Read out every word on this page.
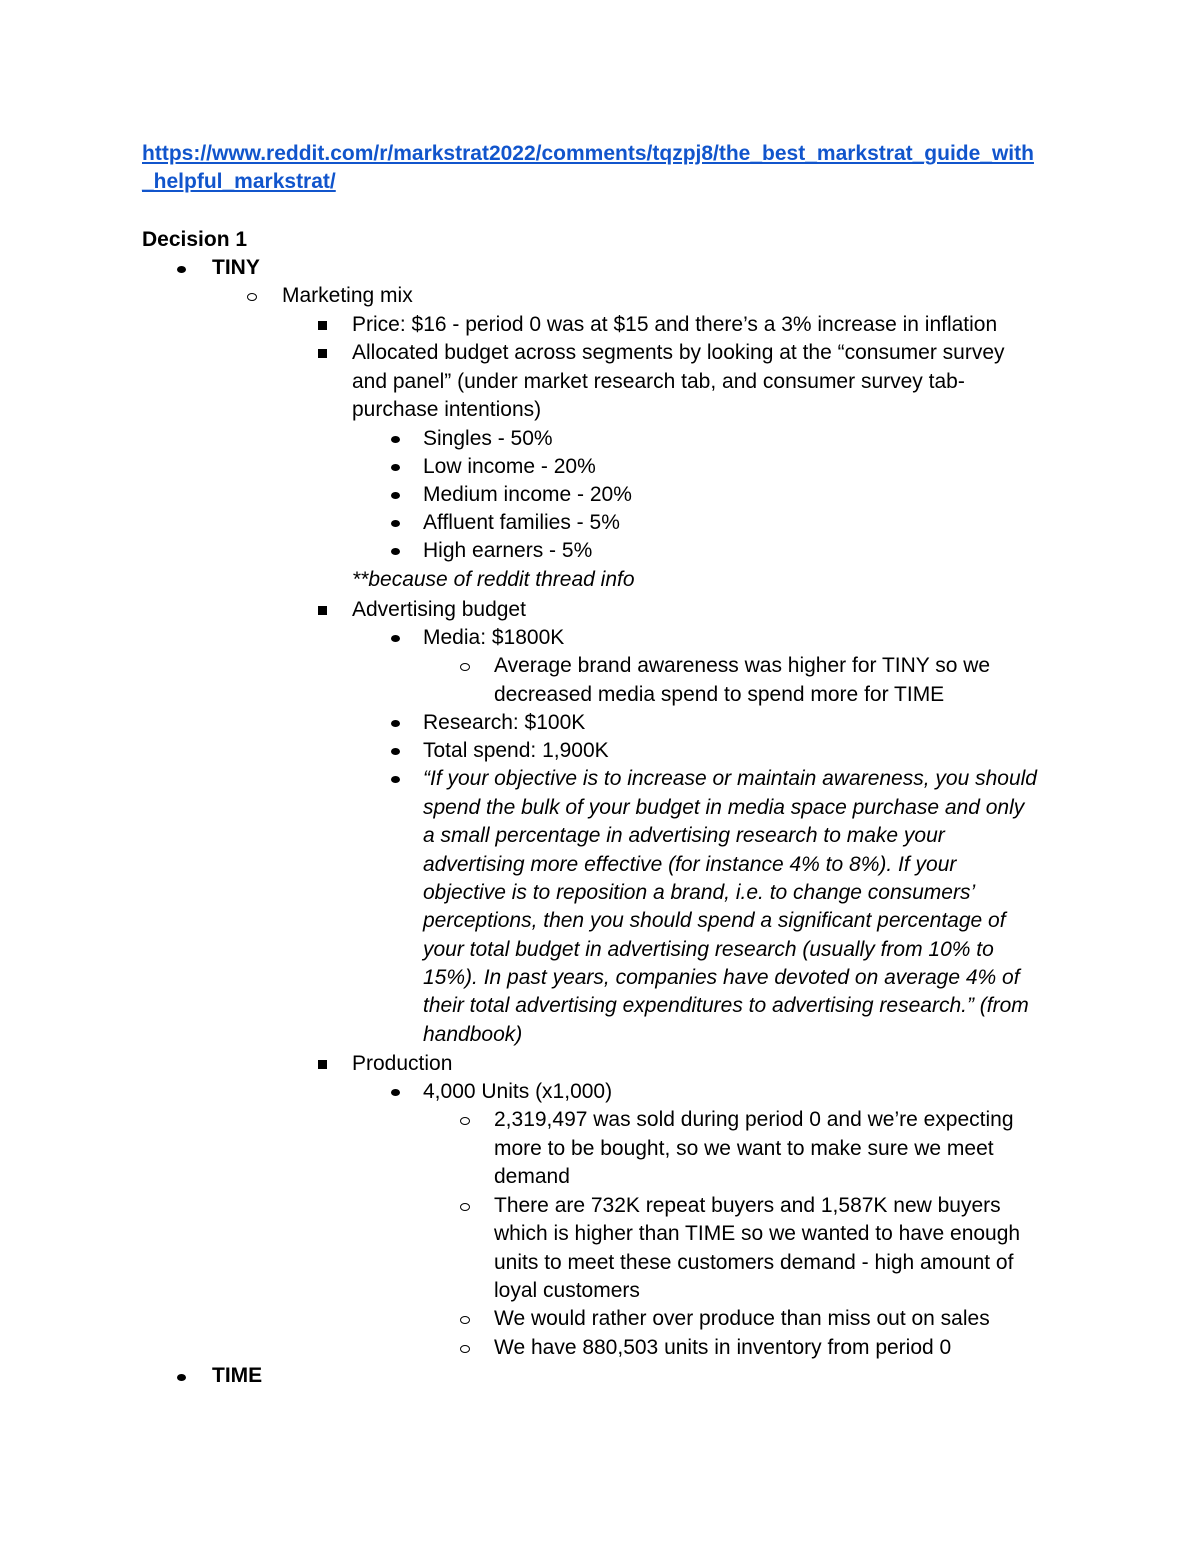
https://www.reddit.com/r/markstrat2022/comments/tqzpj8/the_best_markstrat_guide_with
_helpful_markstrat/
Decision 1
TINY
Marketing mix
Price: $16 - period 0 was at $15 and there’s a 3% increase in inflation
Allocated budget across segments by looking at the “consumer survey
and panel” (under market research tab, and consumer survey tab-
purchase intentions)
Singles - 50%
Low income - 20%
Medium income - 20%
Affluent families - 5%
High earners - 5%
**because of reddit thread info
Advertising budget
Media: $1800K
Average brand awareness was higher for TINY so we
decreased media spend to spend more for TIME
Research: $100K
Total spend: 1,900K
“If your objective is to increase or maintain awareness, you should
spend the bulk of your budget in media space purchase and only
a small percentage in advertising research to make your
advertising more effective (for instance 4% to 8%). If your
objective is to reposition a brand, i.e. to change consumers’
perceptions, then you should spend a significant percentage of
your total budget in advertising research (usually from 10% to
15%). In past years, companies have devoted on average 4% of
their total advertising expenditures to advertising research.” (from
handbook)
Production
4,000 Units (x1,000)
2,319,497 was sold during period 0 and we’re expecting
more to be bought, so we want to make sure we meet
demand
There are 732K repeat buyers and 1,587K new buyers
which is higher than TIME so we wanted to have enough
units to meet these customers demand - high amount of
loyal customers
We would rather over produce than miss out on sales
We have 880,503 units in inventory from period 0
TIME
